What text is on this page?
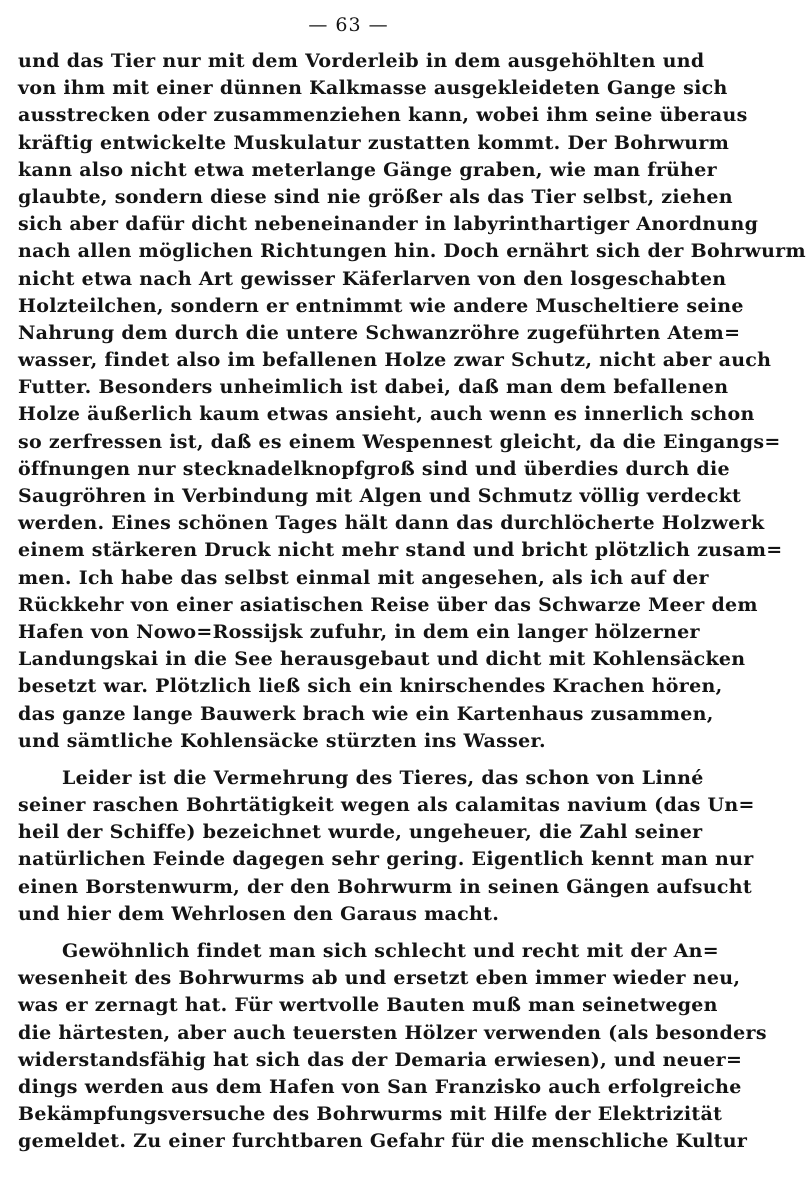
— 63 —
und das Tier nur mit dem Vorderleib in dem ausgehöhlten und
von ihm mit einer dünnen Kalkmasse ausgekleideten Gange sich
ausstrecken oder zusammenziehen kann, wobei ihm seine überaus
kräftig entwickelte Muskulatur zustatten kommt. Der Bohrwurm
kann also nicht etwa meterlange Gänge graben, wie man früher
glaubte, sondern diese sind nie größer als das Tier selbst, ziehen
sich aber dafür dicht nebeneinander in labyrinthartiger Anordnung
nach allen möglichen Richtungen hin. Doch ernährt sich der Bohrwurm
nicht etwa nach Art gewisser Käferlarven von den losgeschabten
Holzteilchen, sondern er entnimmt wie andere Muscheltiere seine
Nahrung dem durch die untere Schwanzröhre zugeführten Atem=
wasser, findet also im befallenen Holze zwar Schutz, nicht aber auch
Futter. Besonders unheimlich ist dabei, daß man dem befallenen
Holze äußerlich kaum etwas ansieht, auch wenn es innerlich schon
so zerfressen ist, daß es einem Wespennest gleicht, da die Eingangs=
öffnungen nur stecknadelknopfgroß sind und überdies durch die
Saugröhren in Verbindung mit Algen und Schmutz völlig verdeckt
werden. Eines schönen Tages hält dann das durchlöcherte Holzwerk
einem stärkeren Druck nicht mehr stand und bricht plötzlich zusam=
men. Ich habe das selbst einmal mit angesehen, als ich auf der
Rückkehr von einer asiatischen Reise über das Schwarze Meer dem
Hafen von Nowo=Rossijsk zufuhr, in dem ein langer hölzerner
Landungskai in die See herausgebaut und dicht mit Kohlensäcken
besetzt war. Plötzlich ließ sich ein knirschendes Krachen hören,
das ganze lange Bauwerk brach wie ein Kartenhaus zusammen,
und sämtliche Kohlensäcke stürzten ins Wasser.
Leider ist die Vermehrung des Tieres, das schon von Linné
seiner raschen Bohrtätigkeit wegen als calamitas navium (das Un=
heil der Schiffe) bezeichnet wurde, ungeheuer, die Zahl seiner
natürlichen Feinde dagegen sehr gering. Eigentlich kennt man nur
einen Borstenwurm, der den Bohrwurm in seinen Gängen aufsucht
und hier dem Wehrlosen den Garaus macht.
Gewöhnlich findet man sich schlecht und recht mit der An=
wesenheit des Bohrwurms ab und ersetzt eben immer wieder neu,
was er zernagt hat. Für wertvolle Bauten muß man seinetwegen
die härtesten, aber auch teuersten Hölzer verwenden (als besonders
widerstandsfähig hat sich das der Demaria erwiesen), und neuer=
dings werden aus dem Hafen von San Franzisko auch erfolgreiche
Bekämpfungsversuche des Bohrwurms mit Hilfe der Elektrizität
gemeldet. Zu einer furchtbaren Gefahr für die menschliche Kultur
